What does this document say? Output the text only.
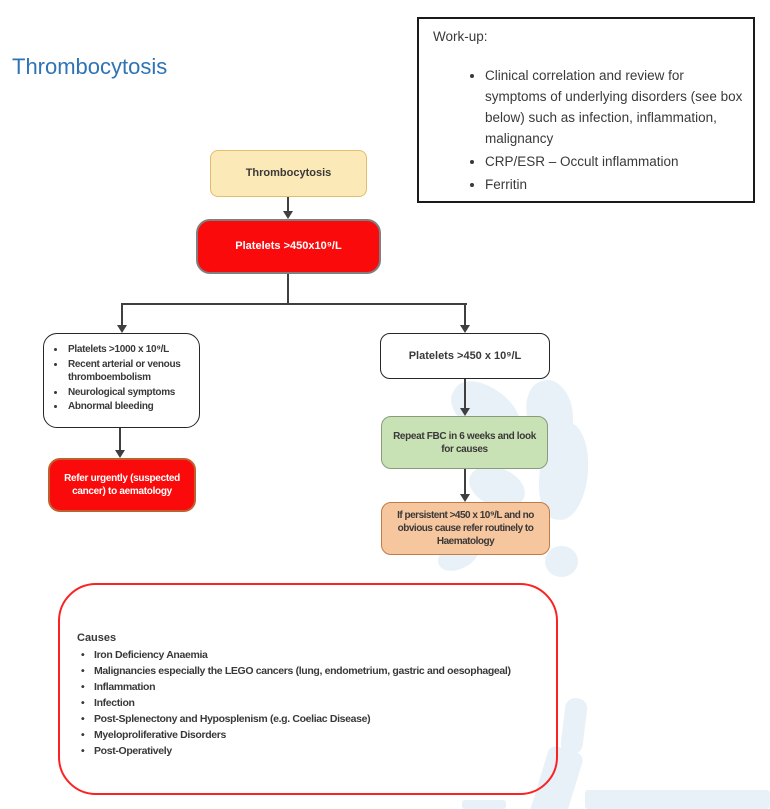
Thrombocytosis
Work-up:
• Clinical correlation and review for symptoms of underlying disorders (see box below) such as infection, inflammation, malignancy
• CRP/ESR – Occult inflammation
• Ferritin
Thrombocytosis
Platelets >450x10⁹/L
• Platelets >1000 x 10⁹/L
• Recent arterial or venous thromboembolism
• Neurological symptoms
• Abnormal bleeding
Refer urgently (suspected cancer) to aematology
Platelets >450 x 10⁹/L
Repeat FBC in 6 weeks and look for causes
If persistent >450 x 10⁹/L and no obvious cause refer routinely to Haematology
Causes
• Iron Deficiency Anaemia
• Malignancies especially the LEGO cancers (lung, endometrium, gastric and oesophageal)
• Inflammation
• Infection
• Post-Splenectony and Hyposplenism (e.g. Coeliac Disease)
• Myeloproliferative Disorders
• Post-Operatively
